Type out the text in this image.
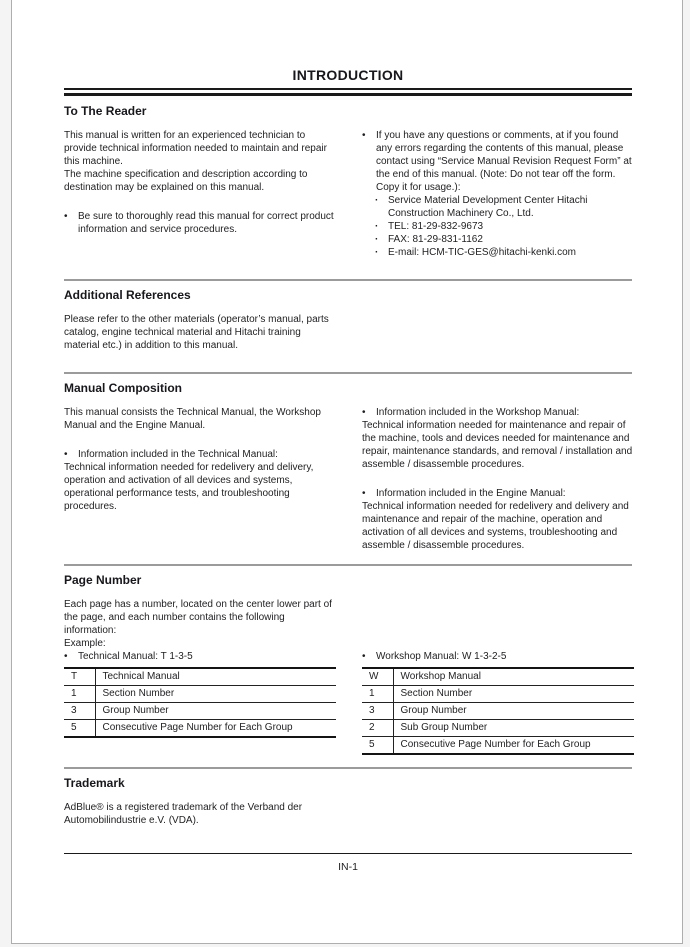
INTRODUCTION
To The Reader

This manual is written for an experienced technician to provide technical information needed to maintain and repair this machine.

The machine specification and description according to destination may be explained on this manual.

• Be sure to thoroughly read this manual for correct product information and service procedures.
• If you have any questions or comments, at if you found any errors regarding the contents of this manual, please contact using “Service Manual Revision Request Form” at the end of this manual. (Note: Do not tear off the form. Copy it for usage.):
· Service Material Development Center Hitachi Construction Machinery Co., Ltd.
· TEL: 81-29-832-9673
· FAX: 81-29-831-1162
· E-mail: HCM-TIC-GES@hitachi-kenki.com
Additional References

Please refer to the other materials (operator’s manual, parts catalog, engine technical material and Hitachi training material etc.) in addition to this manual.

Manual Composition

This manual consists the Technical Manual, the Workshop Manual and the Engine Manual.

• Information included in the Technical Manual:

Technical information needed for redelivery and delivery, operation and activation of all devices and systems, operational performance tests, and troubleshooting procedures.

• Information included in the Workshop Manual:

Technical information needed for maintenance and repair of the machine, tools and devices needed for maintenance and repair, maintenance standards, and removal / installation and assemble / disassemble procedures.

• Information included in the Engine Manual:

Technical information needed for redelivery and delivery and maintenance and repair of the machine, operation and activation of all devices and systems, troubleshooting and assemble / disassemble procedures.

Page Number

Each page has a number, located on the center lower part of the page, and each number contains the following information:

Example:

• Technical Manual: T 1-3-5
T	Technical Manual
1	Section Number
3	Group Number
5	Consecutive Page Number for Each Group
• Workshop Manual: W 1-3-2-5
W	Workshop Manual
1	Section Number
3	Group Number
2	Sub Group Number
5	Consecutive Page Number for Each Group
Trademark

AdBlue® is a registered trademark of the Verband der Automobilindustrie e.V. (VDA).

IN-1
